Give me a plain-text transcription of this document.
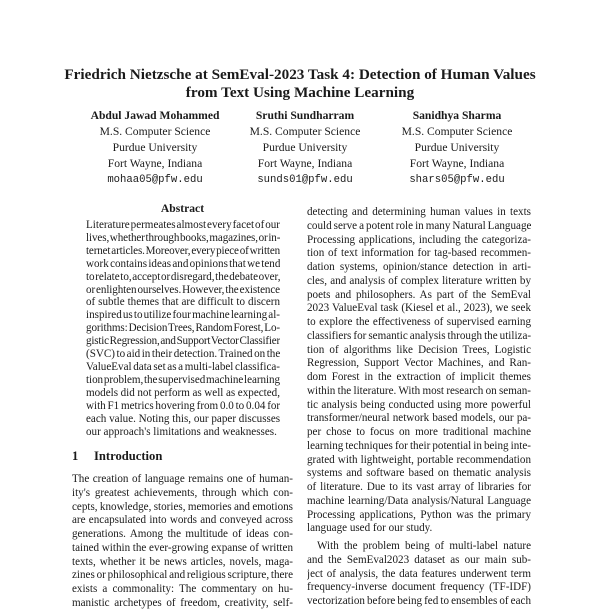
Friedrich Nietzsche at SemEval-2023 Task 4: Detection of Human Values
from Text Using Machine Learning
Abdul Jawad Mohammed
M.S. Computer Science
Purdue University
Fort Wayne, Indiana
mohaa05@pfw.edu
Sruthi Sundharram
M.S. Computer Science
Purdue University
Fort Wayne, Indiana
sunds01@pfw.edu
Sanidhya Sharma
M.S. Computer Science
Purdue University
Fort Wayne, Indiana
shars05@pfw.edu
Abstract
Literature permeates almost every facet of our
lives, whether through books, magazines, or in-
ternet articles. Moreover, every piece of written
work contains ideas and opinions that we tend
to relate to, accept or disregard, the debate over,
or enlighten ourselves. However, the existence
of subtle themes that are difficult to discern
inspired us to utilize four machine learning al-
gorithms: Decision Trees, Random Forest, Lo-
gistic Regression, and Support Vector Classifier
(SVC) to aid in their detection. Trained on the
ValueEval data set as a multi-label classifica-
tion problem, the supervised machine learning
models did not perform as well as expected,
with F1 metrics hovering from 0.0 to 0.04 for
each value. Noting this, our paper discusses
our approach's limitations and weaknesses.
1 Introduction
The creation of language remains one of human-
ity's greatest achievements, through which con-
cepts, knowledge, stories, memories and emotions
are encapsulated into words and conveyed across
generations. Among the multitude of ideas con-
tained within the ever-growing expanse of written
texts, whether it be news articles, novels, maga-
zines or philosophical and religious scripture, there
exists a commonality: The commentary on hu-
manistic archetypes of freedom, creativity, self-
detecting and determining human values in texts
could serve a potent role in many Natural Language
Processing applications, including the categoriza-
tion of text information for tag-based recommen-
dation systems, opinion/stance detection in arti-
cles, and analysis of complex literature written by
poets and philosophers. As part of the SemEval
2023 ValueEval task (Kiesel et al., 2023), we seek
to explore the effectiveness of supervised earning
classifiers for semantic analysis through the utiliza-
tion of algorithms like Decision Trees, Logistic
Regression, Support Vector Machines, and Ran-
dom Forest in the extraction of implicit themes
within the literature. With most research on seman-
tic analysis being conducted using more powerful
transformer/neural network based models, our pa-
per chose to focus on more traditional machine
learning techniques for their potential in being inte-
grated with lightweight, portable recommendation
systems and software based on thematic analysis
of literature. Due to its vast array of libraries for
machine learning/Data analysis/Natural Language
Processing applications, Python was the primary
language used for our study.
With the problem being of multi-label nature
and the SemEval2023 dataset as our main sub-
ject of analysis, the data features underwent term
frequency-inverse document frequency (TF-IDF)
vectorization before being fed to ensembles of each
